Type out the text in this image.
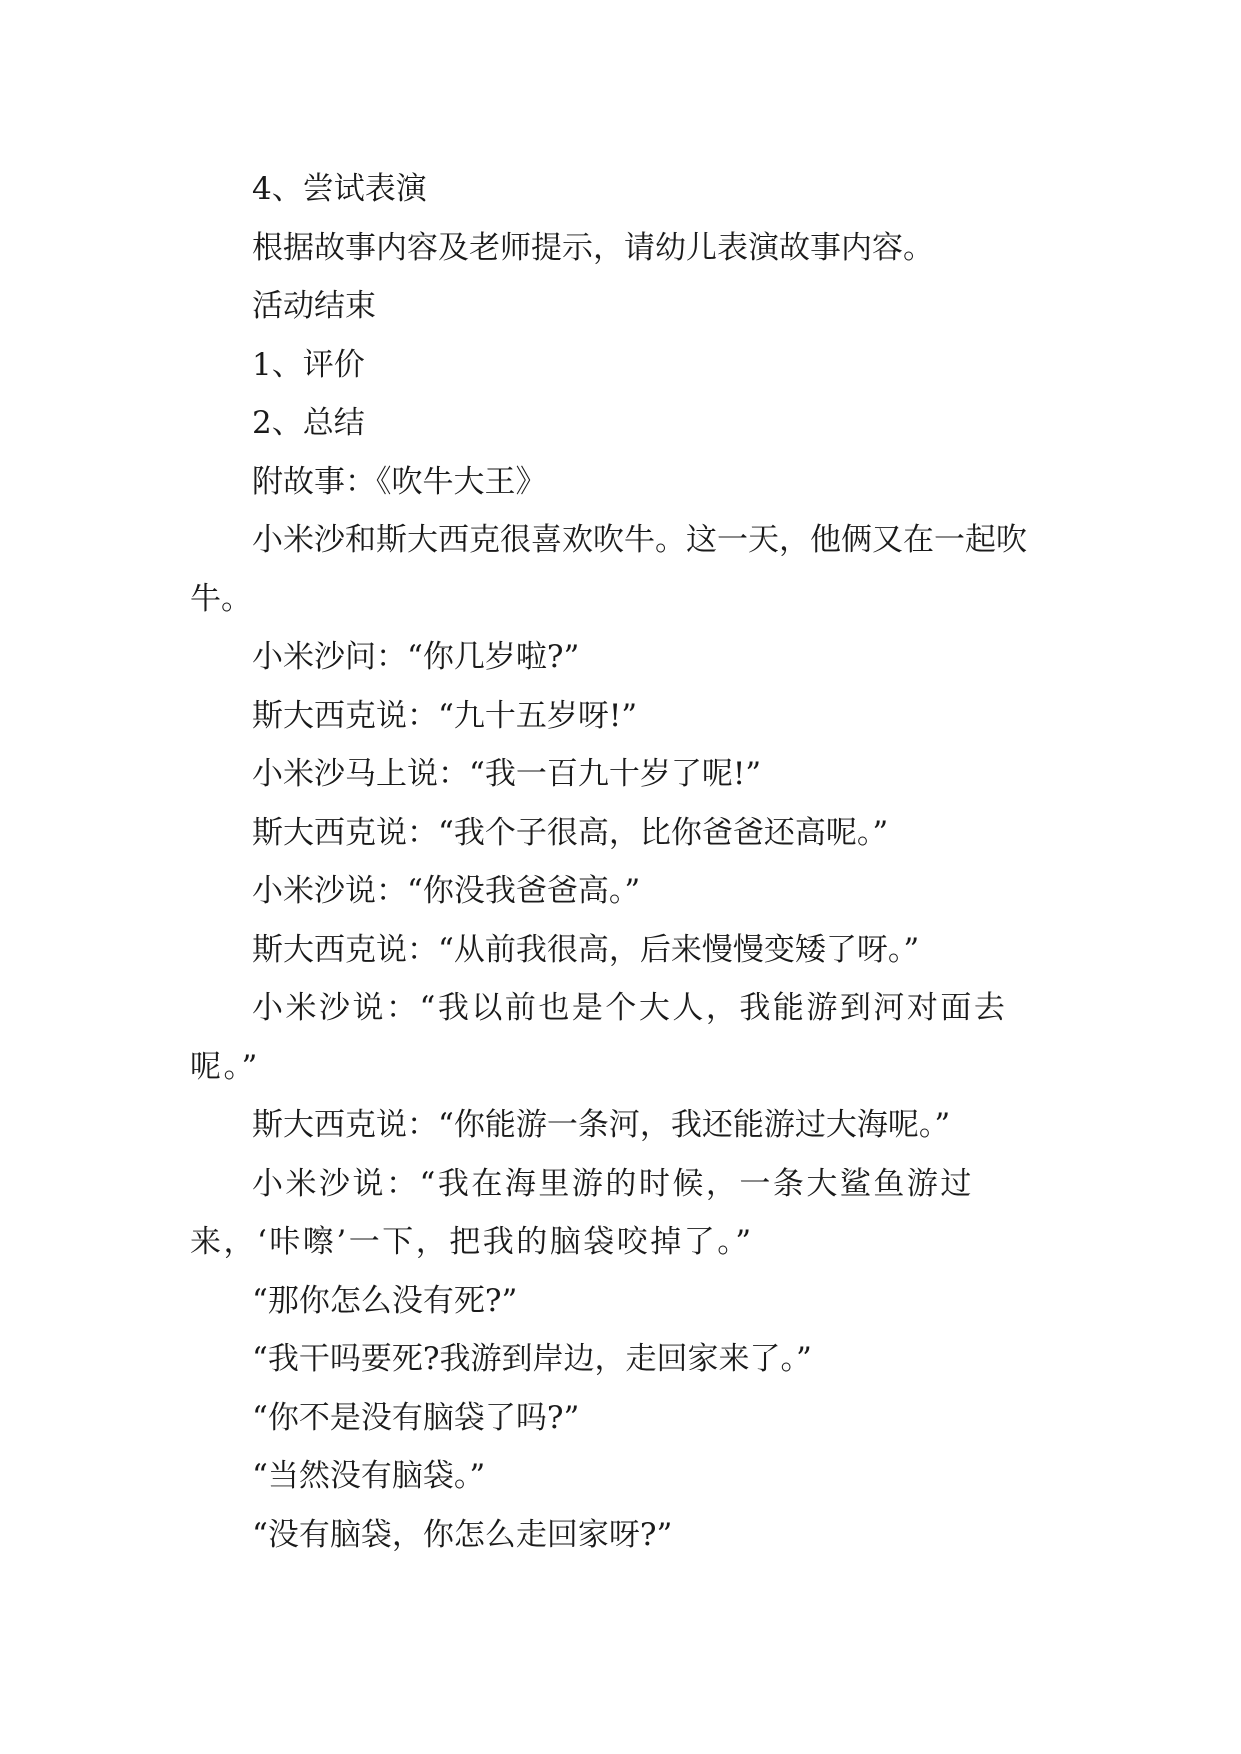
4、尝试表演

根据故事内容及老师提示，请幼儿表演故事内容。

活动结束

1、评价

2、总结

附故事：《吹牛大王》

小米沙和斯大西克很喜欢吹牛。这一天，他俩又在一起吹牛。

小米沙问：“你几岁啦?”

斯大西克说：“九十五岁呀!”

小米沙马上说：“我一百九十岁了呢!”

斯大西克说：“我个子很高，比你爸爸还高呢。”

小米沙说：“你没我爸爸高。”

斯大西克说：“从前我很高，后来慢慢变矮了呀。”

小米沙说：“我以前也是个大人，我能游到河对面去呢。”

斯大西克说：“你能游一条河，我还能游过大海呢。”

小米沙说：“我在海里游的时候，一条大鲨鱼游过来，‘咔嚓’一下，把我的脑袋咬掉了。”

“那你怎么没有死?”

“我干吗要死?我游到岸边，走回家来了。”

“你不是没有脑袋了吗?”

“当然没有脑袋。”

“没有脑袋，你怎么走回家呀?”
